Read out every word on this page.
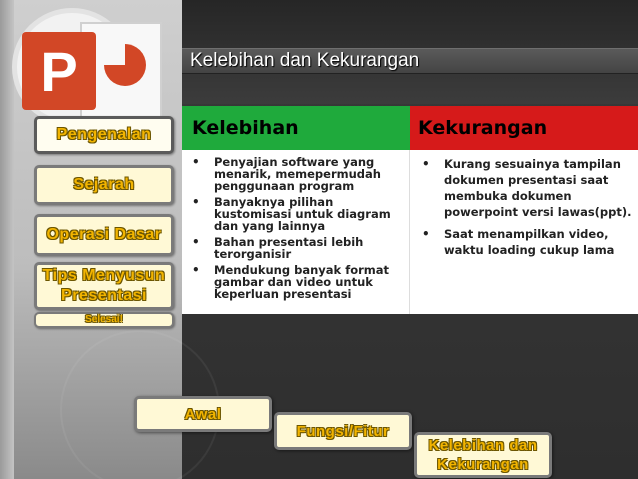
P	Kelebihan dan Kekurangan
Pengenalan
Sejarah
Operasi Dasar
Tips Menyusun Presentasi
Selesai!
Kelebihan	Kekurangan
• Penyajian software yang menarik, memepermudah penggunaan program
• Banyaknya pilihan kustomisasi untuk diagram dan yang lainnya
• Bahan presentasi lebih terorganisir
• Mendukung banyak format gambar dan video untuk keperluan presentasi
• Kurang sesuainya tampilan dokumen presentasi saat membuka dokumen powerpoint versi lawas(ppt).
• Saat menampilkan video, waktu loading cukup lama
Awal
Fungsi/Fitur
Kelebihan dan Kekurangan
